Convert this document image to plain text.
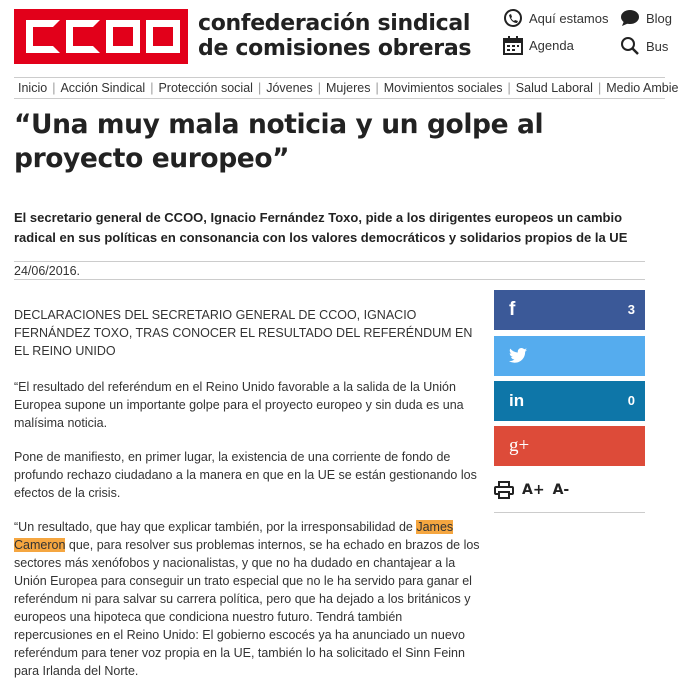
confederación sindical
de comisiones obreras
Aquí estamos	Blog
Agenda	Bus
Inicio | Acción Sindical | Protección social | Jóvenes | Mujeres | Movimientos sociales | Salud Laboral | Medio Ambie
“Una muy mala noticia y un golpe al proyecto europeo”

El secretario general de CCOO, Ignacio Fernández Toxo, pide a los dirigentes europeos un cambio radical en sus políticas en consonancia con los valores democráticos y solidarios propios de la UE

24/06/2016.

DECLARACIONES DEL SECRETARIO GENERAL DE CCOO, IGNACIO FERNÁNDEZ TOXO, TRAS CONOCER EL RESULTADO DEL REFERÉNDUM EN EL REINO UNIDO

“El resultado del referéndum en el Reino Unido favorable a la salida de la Unión Europea supone un importante golpe para el proyecto europeo y sin duda es una malísima noticia.

Pone de manifiesto, en primer lugar, la existencia de una corriente de fondo de profundo rechazo ciudadano a la manera en que en la UE se están gestionando los efectos de la crisis.

“Un resultado, que hay que explicar también, por la irresponsabilidad de James Cameron que, para resolver sus problemas internos, se ha echado en brazos de los sectores más xenófobos y nacionalistas, y que no ha dudado en chantajear a la Unión Europea para conseguir un trato especial que no le ha servido para ganar el referéndum ni para salvar su carrera política, pero que ha dejado a los británicos y europeos una hipoteca que condiciona nuestro futuro. Tendrá también repercusiones en el Reino Unido: El gobierno escocés ya ha anunciado un nuevo referéndum para tener voz propia en la UE, también lo ha solicitado el Sinn Feinn para Irlanda del Norte.

f	3
in	0
g+
A+ A-
